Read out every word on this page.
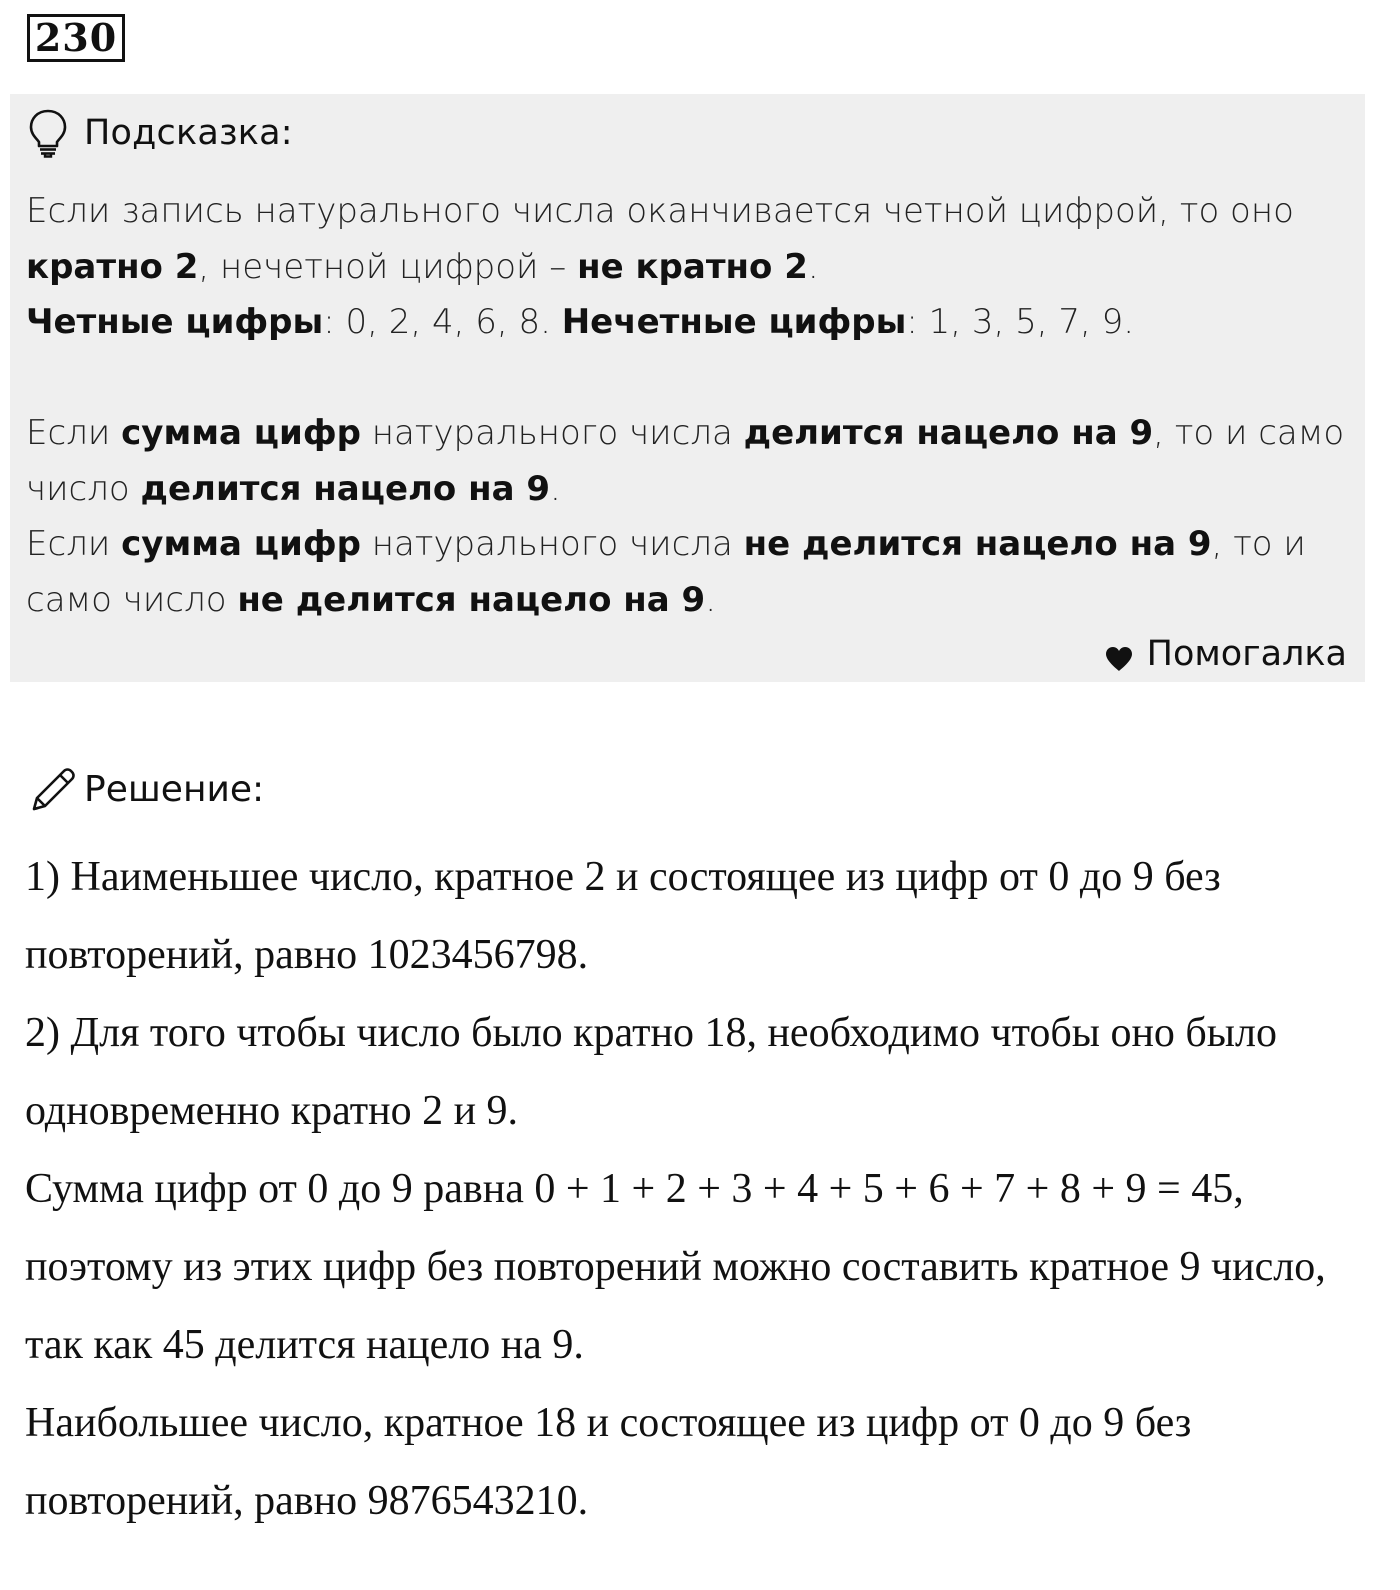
230
Подсказка:

Если запись натурального числа оканчивается четной цифрой, то оно кратно 2, нечетной цифрой – не кратно 2.

Четные цифры: 0, 2, 4, 6, 8. Нечетные цифры: 1, 3, 5, 7, 9.

Если сумма цифр натурального числа делится нацело на 9, то и само число делится нацело на 9.

Если сумма цифр натурального числа не делится нацело на 9, то и само число не делится нацело на 9.

Помогалка
Решение:

1) Наименьшее число, кратное 2 и состоящее из цифр от 0 до 9 без повторений, равно 1023456798.

2) Для того чтобы число было кратно 18, необходимо чтобы оно было одновременно кратно 2 и 9.

Сумма цифр от 0 до 9 равна 0 + 1 + 2 + 3 + 4 + 5 + 6 + 7 + 8 + 9 = 45, поэтому из этих цифр без повторений можно составить кратное 9 число, так как 45 делится нацело на 9.

Наибольшее число, кратное 18 и состоящее из цифр от 0 до 9 без повторений, равно 9876543210.
